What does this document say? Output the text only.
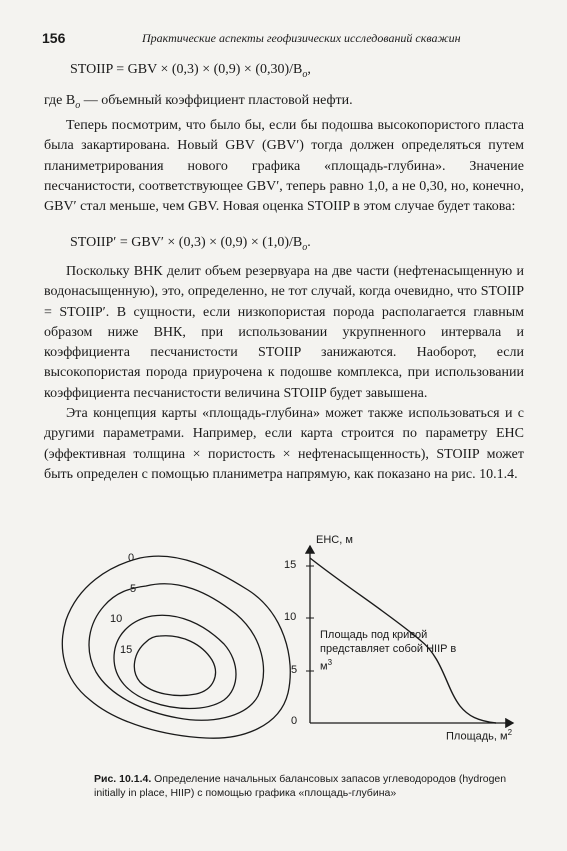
156	Практические аспекты геофизических исследований скважин
STOIIP = GBV × $(0,3) \times (0,9) \times (0,30)/B_o$,

где $B_o$ — объемный коэффициент пластовой нефти.

Теперь посмотрим, что было бы, если бы подошва высокопористого пласта была закартирована. Новый GBV (GBV′) тогда должен определяться путем планиметрирования нового графика «площадь-глубина». Значение песчанистости, соответствующее GBV′, теперь равно 1,0, а не 0,30, но, конечно, GBV′ стал меньше, чем GBV. Новая оценка STOIIP в этом случае будет такова:

STOIIP′ = $GBV' \times (0,3) \times (0,9) \times (1,0)/B_o$.

Поскольку ВНК делит объем резервуара на две части (нефтенасыщенную и водонасыщенную), это, определенно, не тот случай, когда очевидно, что STOIIP = STOIIP′. В сущности, если низкопористая порода располагается главным образом ниже ВНК, при использовании укрупненного интервала и коэффициента песчанистости STOIIP занижаются. Наоборот, если высокопористая порода приурочена к подошве комплекса, при использовании коэффициента песчанистости величина STOIIP будет завышена.

Эта концепция карты «площадь-глубина» может также использоваться и с другими параметрами. Например, если карта строится по параметру ЕНС (эффективная толщина × пористость × нефтенасыщенность), STOIIP может быть определен с помощью планиметра напрямую, как показано на рис. 10.1.4.

0
5
10
15
ЕНС, м
15
10
5
0
Площадь, $м^2$
Площадь под кривой представляет собой HIIP в $м^3$
Рис. 10.1.4. Определение начальных балансовых запасов углеводородов (hydrogen initially in place, HIIP) с помощью графика «площадь-глубина»
